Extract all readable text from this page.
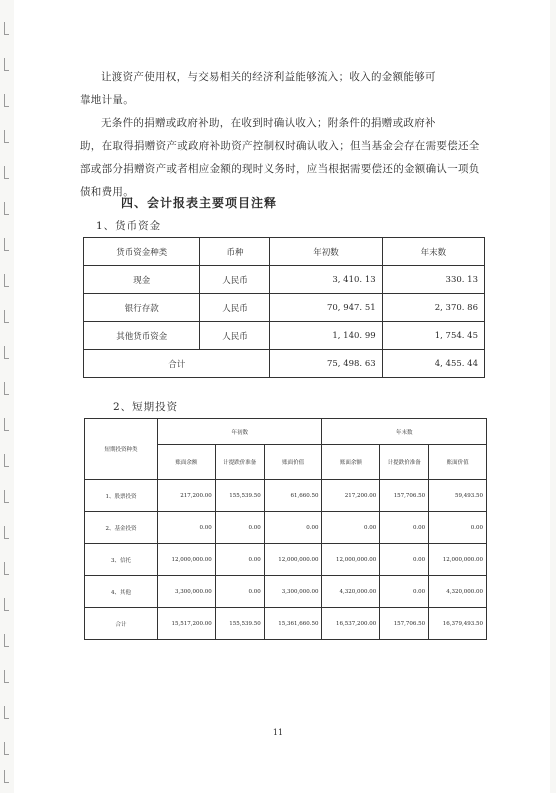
让渡资产使用权，与交易相关的经济利益能够流入；收入的金额能够可

靠地计量。

无条件的捐赠或政府补助，在收到时确认收入；附条件的捐赠或政府补

助，在取得捐赠资产或政府补助资产控制权时确认收入；但当基金会存在需要偿还全部或部分捐赠资产或者相应金额的现时义务时，应当根据需要偿还的金额确认一项负债和费用。

四、会计报表主要项目注释
1、货币资金
货币资金种类	币种	年初数	年末数
现金	人民币	3, 410. 13	330. 13
银行存款	人民币	70, 947. 51	2, 370. 86
其他货币资金	人民币	1, 140. 99	1, 754. 45
合计		75, 498. 63	4, 455. 44
2、短期投资
短期投资种类	年初数			年末数		
	账面余额	计提跌价准备	账面价值	账面余额	计提跌价准备	账面价值
1、股票投资	217,200.00	155,539.50	61,660.50	217,200.00	157,706.50	59,493.50
2、基金投资	0.00	0.00	0.00	0.00	0.00	0.00
3、信托	12,000,000.00	0.00	12,000,000.00	12,000,000.00	0.00	12,000,000.00
4、其他	3,300,000.00	0.00	3,300,000.00	4,320,000.00	0.00	4,320,000.00
合计	15,517,200.00	155,539.50	15,361,660.50	16,537,200.00	157,706.50	16,379,493.50
11
